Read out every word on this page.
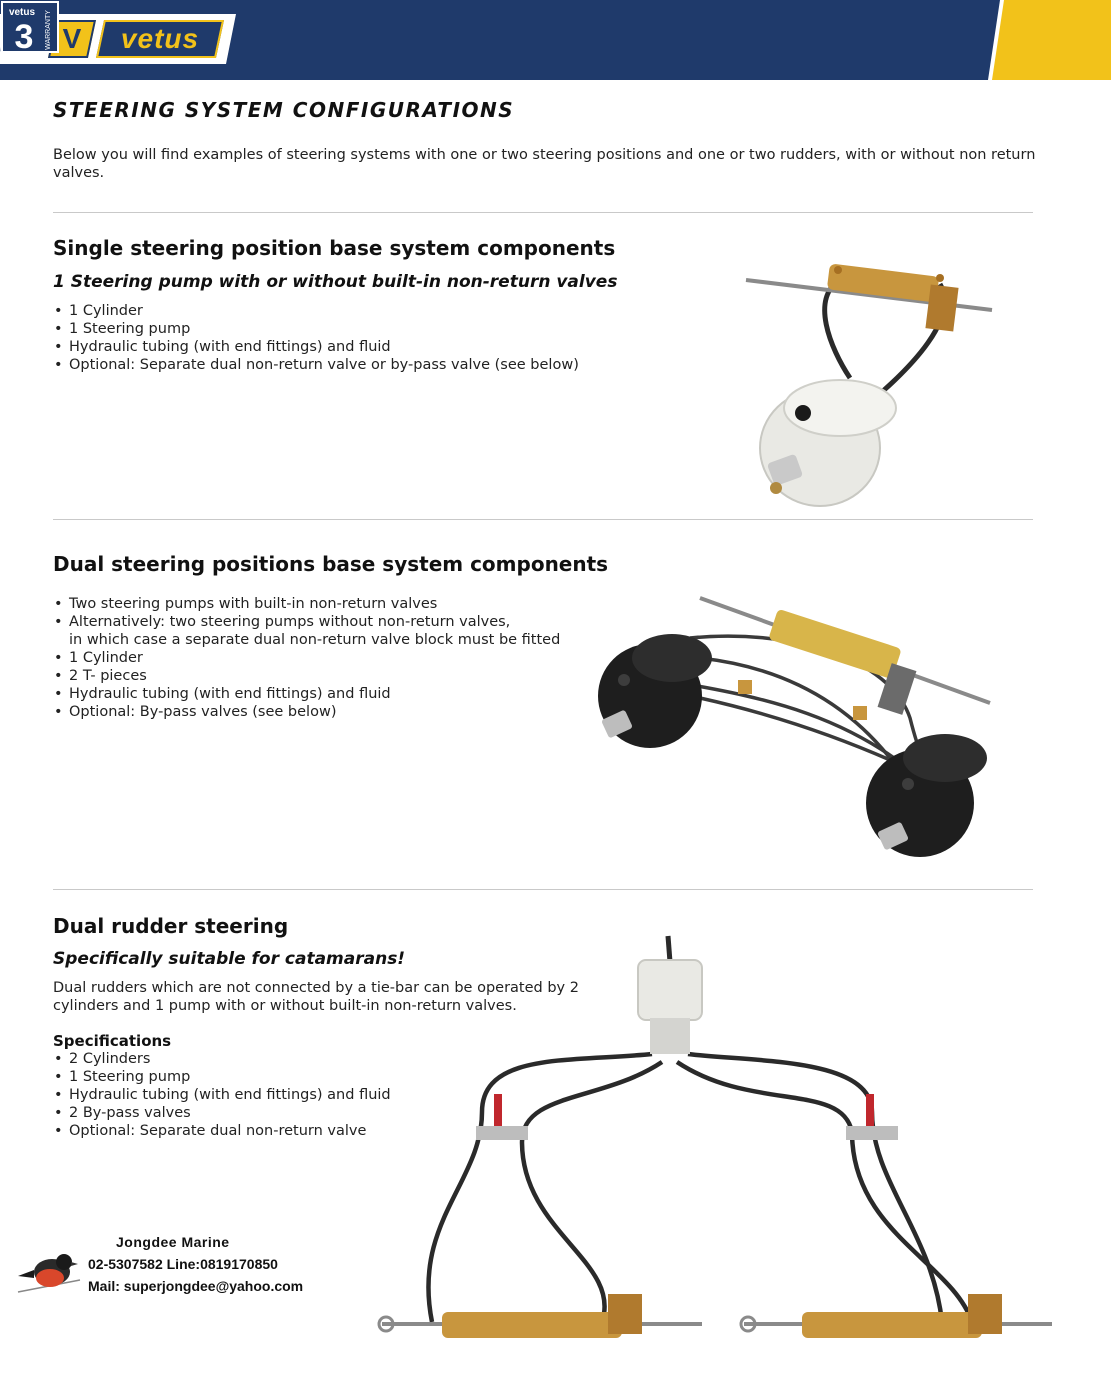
V	vetus
vetus
3 WARRANTY
STEERING SYSTEM CONFIGURATIONS

Below you will find examples of steering systems with one or two steering positions and one or two rudders, with or without non return valves.

Single steering position base system components
1 Steering pump with or without built-in non-return valves
• 1 Cylinder
• 1 Steering pump
• Hydraulic tubing (with end fittings) and fluid
• Optional: Separate dual non-return valve or by-pass valve (see below)
Dual steering positions base system components
• Two steering pumps with built-in non-return valves
• Alternatively: two steering pumps without non-return valves,
in which case a separate dual non-return valve block must be fitted
• 1 Cylinder
• 2 T- pieces
• Hydraulic tubing (with end fittings) and fluid
• Optional: By-pass valves (see below)
Dual rudder steering
Specifically suitable for catamarans!

Dual rudders which are not connected by a tie-bar can be operated by 2 cylinders and 1 pump with or without built-in non-return valves.

Specifications

• 2 Cylinders
• 1 Steering pump
• Hydraulic tubing (with end fittings) and fluid
• 2 By-pass valves
• Optional: Separate dual non-return valve
Jongdee Marine
02-5307582 Line:0819170850
Mail: superjongdee@yahoo.com
